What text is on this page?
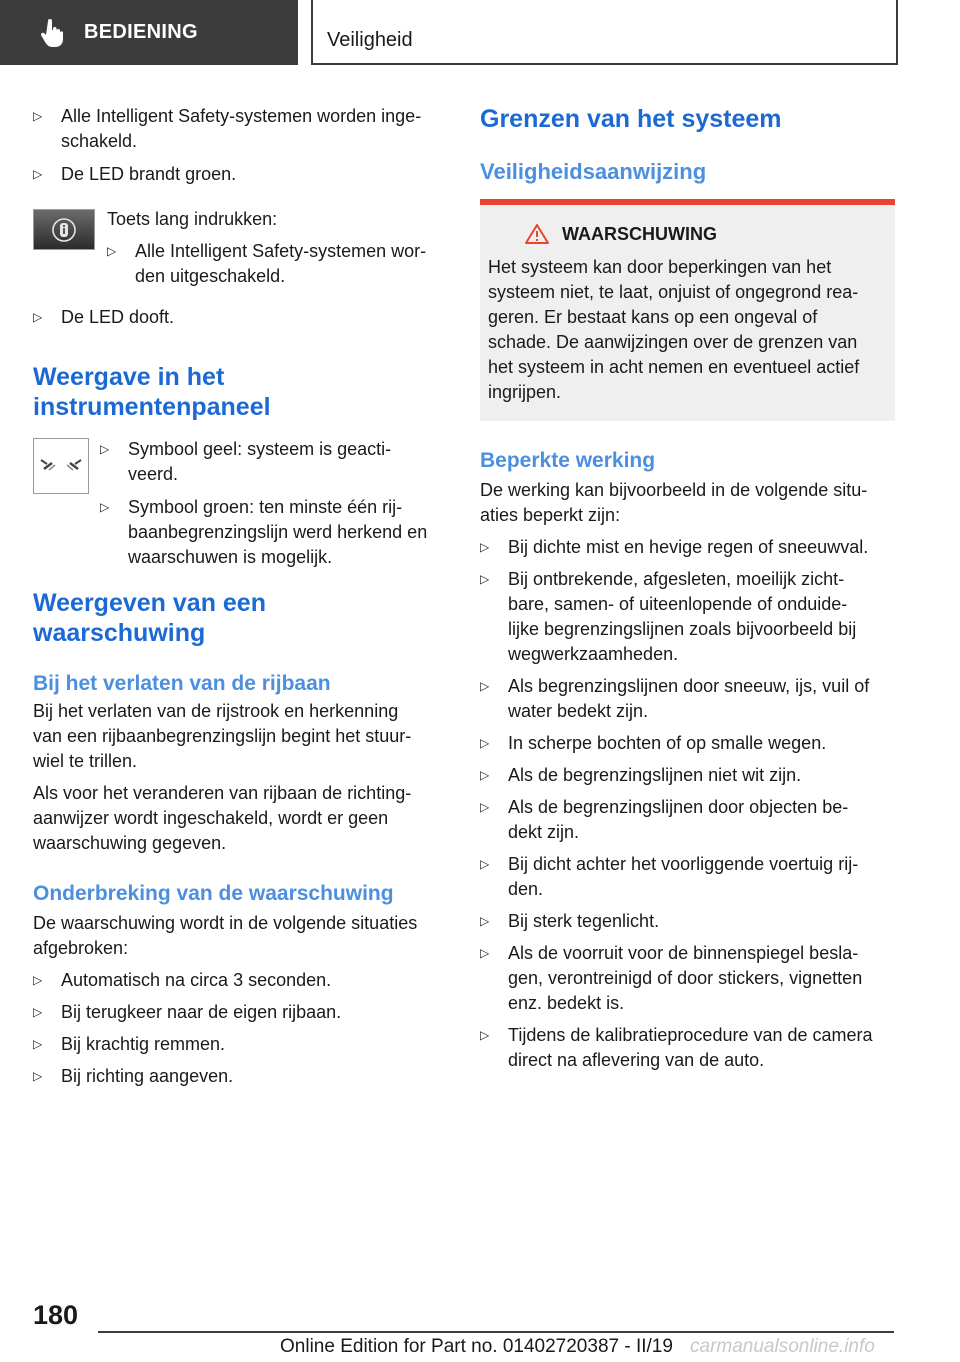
BEDIENING	Veiligheid
▷ Alle Intelligent Safety-systemen worden inge-
schakeld.
▷ De LED brandt groen.

Toets lang indrukken:

▷ Alle Intelligent Safety-systemen wor-
den uitgeschakeld.
▷ De LED dooft.
Weergave in het
instrumentenpaneel
▷ Symbool geel: systeem is geacti-
veerd.
▷ Symbool groen: ten minste één rij-
baanbegrenzingslijn werd herkend en
waarschuwen is mogelijk.
Weergeven van een
waarschuwing
Bij het verlaten van de rijbaan

Bij het verlaten van de rijstrook en herkenning
van een rijbaanbegrenzingslijn begint het stuur-
wiel te trillen.

Als voor het veranderen van rijbaan de richting-
aanwijzer wordt ingeschakeld, wordt er geen
waarschuwing gegeven.

Onderbreking van de waarschuwing

De waarschuwing wordt in de volgende situaties
afgebroken:

▷ Automatisch na circa 3 seconden.
▷ Bij terugkeer naar de eigen rijbaan.
▷ Bij krachtig remmen.
▷ Bij richting aangeven.
Grenzen van het systeem
Veiligheidsaanwijzing
WAARSCHUWING
Het systeem kan door beperkingen van het
systeem niet, te laat, onjuist of ongegrond rea-
geren. Er bestaat kans op een ongeval of
schade. De aanwijzingen over de grenzen van
het systeem in acht nemen en eventueel actief
ingrijpen.
Beperkte werking

De werking kan bijvoorbeeld in de volgende situ-
aties beperkt zijn:

▷ Bij dichte mist en hevige regen of sneeuwval.
▷ Bij ontbrekende, afgesleten, moeilijk zicht-
bare, samen- of uiteenlopende of onduide-
lijke begrenzingslijnen zoals bijvoorbeeld bij
wegwerkzaamheden.
▷ Als begrenzingslijnen door sneeuw, ijs, vuil of
water bedekt zijn.
▷ In scherpe bochten of op smalle wegen.
▷ Als de begrenzingslijnen niet wit zijn.
▷ Als de begrenzingslijnen door objecten be-
dekt zijn.
▷ Bij dicht achter het voorliggende voertuig rij-
den.
▷ Bij sterk tegenlicht.
▷ Als de voorruit voor de binnenspiegel besla-
gen, verontreinigd of door stickers, vignetten
enz. bedekt is.
▷ Tijdens de kalibratieprocedure van de camera
direct na aflevering van de auto.
180
Online Edition for Part no. 01402720387 - II/19 carmanualsonline.info
